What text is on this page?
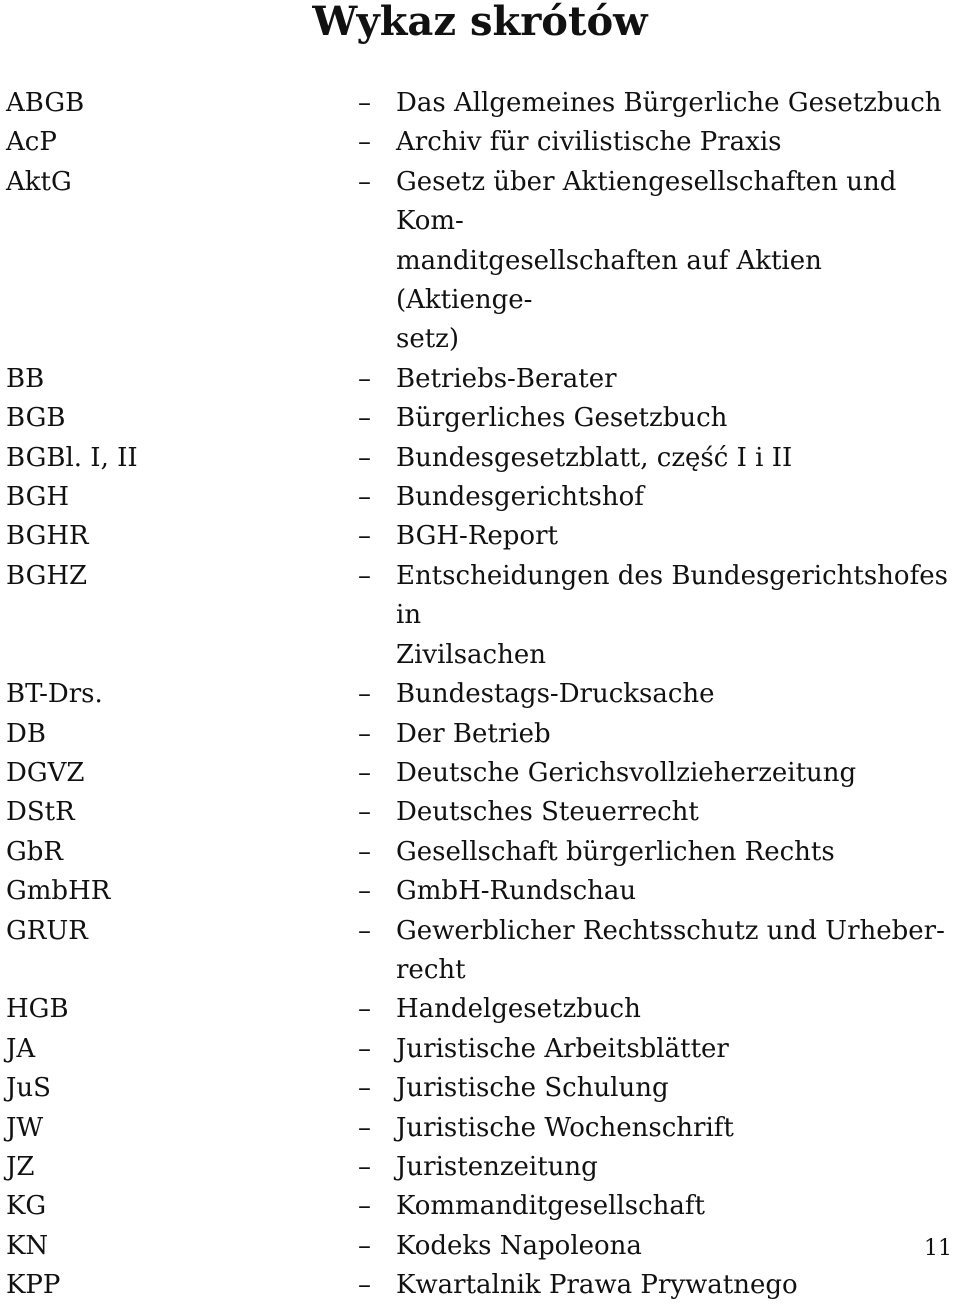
Wykaz skrótów
ABGB	– Das Allgemeines Bürgerliche Gesetzbuch
AcP	– Archiv für civilistische Praxis
AktG	– Gesetz über Aktiengesellschaften und Kom-
manditgesellschaften auf Aktien (Aktienge-
setz)
BB	– Betriebs-Berater
BGB	– Bürgerliches Gesetzbuch
BGBl. I, II	– Bundesgesetzblatt, część I i II
BGH	– Bundesgerichtshof
BGHR	– BGH-Report
BGHZ	– Entscheidungen des Bundesgerichtshofes in
Zivilsachen
BT-Drs.	– Bundestags-Drucksache
DB	– Der Betrieb
DGVZ	– Deutsche Gerichsvollzieherzeitung
DStR	– Deutsches Steuerrecht
GbR	– Gesellschaft bürgerlichen Rechts
GmbHR	– GmbH-Rundschau
GRUR	– Gewerblicher Rechtsschutz und Urheber-
recht
HGB	– Handelgesetzbuch
JA	– Juristische Arbeitsblätter
JuS	– Juristische Schulung
JW	– Juristische Wochenschrift
JZ	– Juristenzeitung
KG	– Kommanditgesellschaft
KN	– Kodeks Napoleona
KPP	– Kwartalnik Prawa Prywatnego
11
